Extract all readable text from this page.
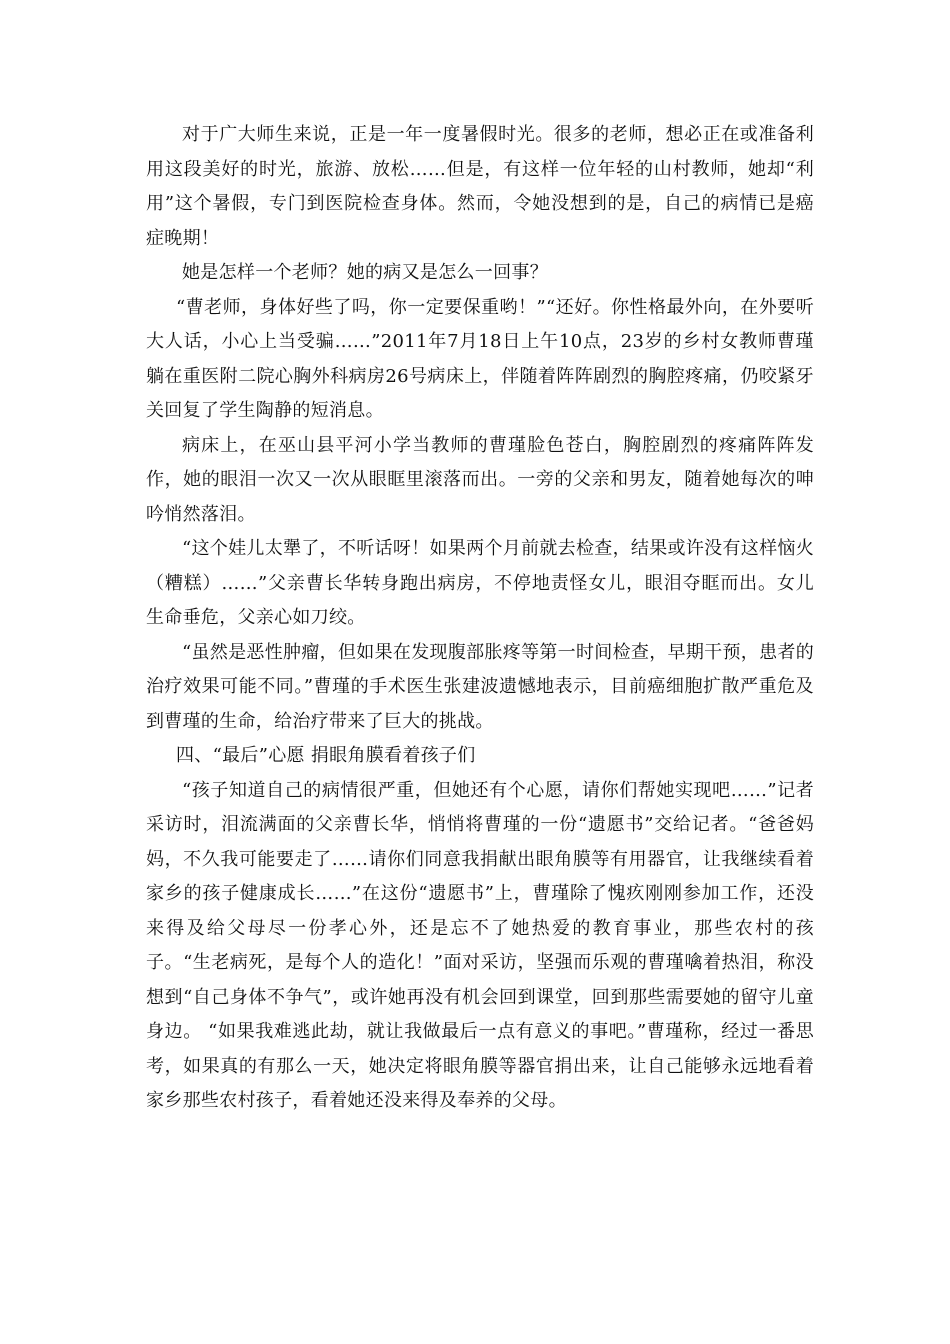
对于广大师生来说，正是一年一度暑假时光。很多的老师，想必正在或准备利用这段美好的时光，旅游、放松……但是，有这样一位年轻的山村教师，她却“利用”这个暑假，专门到医院检查身体。然而，令她没想到的是，自己的病情已是癌症晚期！

她是怎样一个老师？她的病又是怎么一回事？

“曹老师，身体好些了吗，你一定要保重哟！”“还好。你性格最外向，在外要听大人话，小心上当受骗……”2011年7月18日上午10点，23岁的乡村女教师曹瑾躺在重医附二院心胸外科病房26号病床上，伴随着阵阵剧烈的胸腔疼痛，仍咬紧牙关回复了学生陶静的短消息。

病床上，在巫山县平河小学当教师的曹瑾脸色苍白，胸腔剧烈的疼痛阵阵发作，她的眼泪一次又一次从眼眶里滚落而出。一旁的父亲和男友，随着她每次的呻吟悄然落泪。

“这个娃儿太犟了，不听话呀！如果两个月前就去检查，结果或许没有这样恼火（糟糕）……”父亲曹长华转身跑出病房，不停地责怪女儿，眼泪夺眶而出。女儿生命垂危，父亲心如刀绞。

“虽然是恶性肿瘤，但如果在发现腹部胀疼等第一时间检查，早期干预，患者的治疗效果可能不同。”曹瑾的手术医生张建波遗憾地表示，目前癌细胞扩散严重危及到曹瑾的生命，给治疗带来了巨大的挑战。

四、“最后”心愿 捐眼角膜看着孩子们

“孩子知道自己的病情很严重，但她还有个心愿，请你们帮她实现吧……”记者采访时，泪流满面的父亲曹长华，悄悄将曹瑾的一份“遗愿书”交给记者。“爸爸妈妈，不久我可能要走了……请你们同意我捐献出眼角膜等有用器官，让我继续看着家乡的孩子健康成长……”在这份“遗愿书”上，曹瑾除了愧疚刚刚参加工作，还没来得及给父母尽一份孝心外，还是忘不了她热爱的教育事业，那些农村的孩子。“生老病死，是每个人的造化！”面对采访，坚强而乐观的曹瑾噙着热泪，称没想到“自己身体不争气”，或许她再没有机会回到课堂，回到那些需要她的留守儿童身边。 “如果我难逃此劫，就让我做最后一点有意义的事吧。”曹瑾称，经过一番思考，如果真的有那么一天，她决定将眼角膜等器官捐出来，让自己能够永远地看着家乡那些农村孩子，看着她还没来得及奉养的父母。
